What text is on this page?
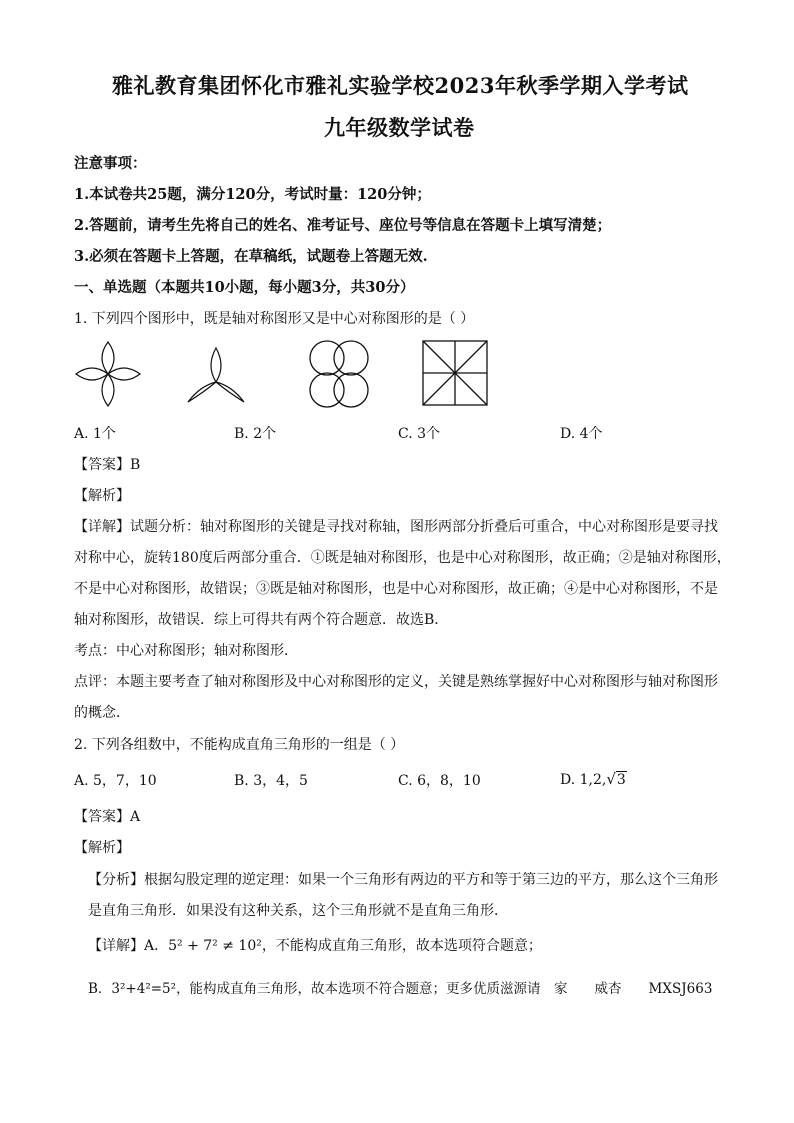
雅礼教育集团怀化市雅礼实验学校2023年秋季学期入学考试
九年级数学试卷
注意事项：
1.本试卷共25题，满分120分，考试时量：120分钟；
2.答题前，请考生先将自己的姓名、准考证号、座位号等信息在答题卡上填写清楚；
3.必须在答题卡上答题，在草稿纸，试题卷上答题无效.
一、单选题（本题共10小题，每小题3分，共30分）
1. 下列四个图形中，既是轴对称图形又是中心对称图形的是（ ）
A. 1个	B. 2个	C. 3个	D. 4个
【答案】B
【解析】
【详解】试题分析：轴对称图形的关键是寻找对称轴，图形两部分折叠后可重合，中心对称图形是要寻找
对称中心，旋转180度后两部分重合．①既是轴对称图形，也是中心对称图形，故正确；②是轴对称图形，
不是中心对称图形，故错误；③既是轴对称图形，也是中心对称图形，故正确；④是中心对称图形，不是
轴对称图形，故错误．综上可得共有两个符合题意．故选B．
考点：中心对称图形；轴对称图形．
点评：本题主要考查了轴对称图形及中心对称图形的定义，关键是熟练掌握好中心对称图形与轴对称图形
的概念．
2. 下列各组数中，不能构成直角三角形的一组是（ ）
A. 5，7，10	B. 3，4，5	C. 6，8，10	D. 1,2,√3
【答案】A
【解析】
【分析】根据勾股定理的逆定理：如果一个三角形有两边的平方和等于第三边的平方，那么这个三角形
是直角三角形．如果没有这种关系，这个三角形就不是直角三角形．
【详解】A．5² + 7² ≠ 10²，不能构成直角三角形，故本选项符合题意；
B．3²+4²=5²，能构成直角三角形，故本选项不符合题意；更多优质滋源请　家　　威杏　　MXSJ663
